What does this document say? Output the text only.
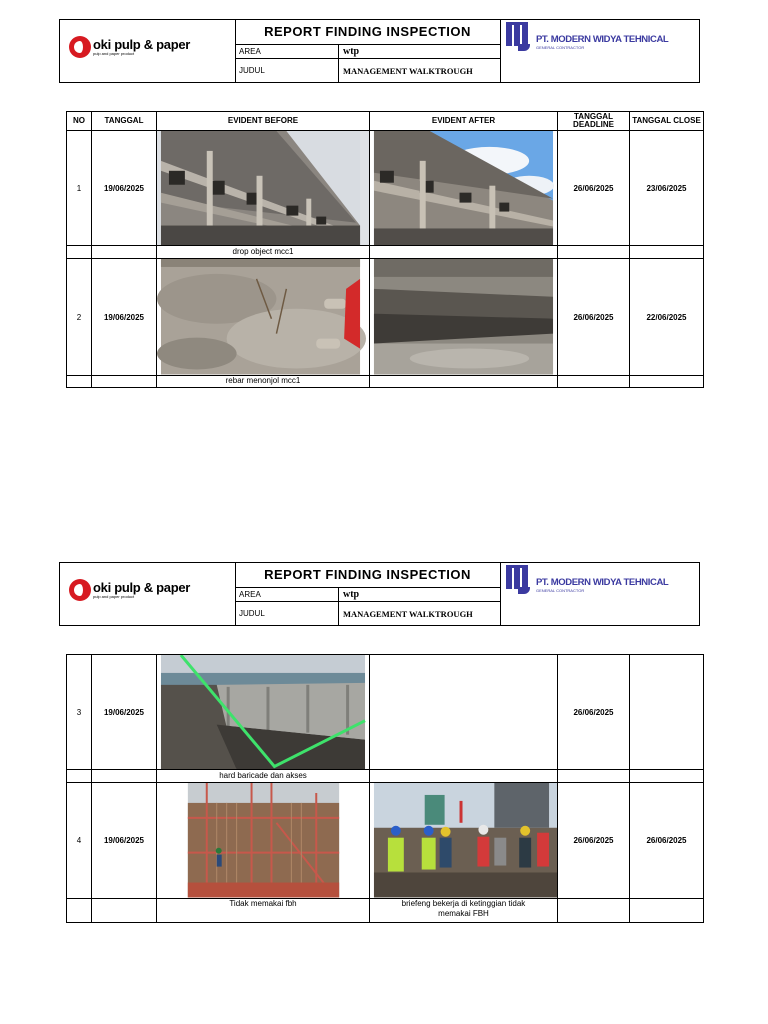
oki pulp & paper
pulp and paper product
REPORT FINDING INSPECTION
AREA	wtp
JUDUL	MANAGEMENT WALKTROUGH
PT. MODERN WIDYA TEHNICAL
GENERAL CONTRACTOR
NO	TANGGAL	EVIDENT BEFORE	EVIDENT AFTER	TANGGAL DEADLINE	TANGGAL CLOSE
1	19/06/2025			26/06/2025	23/06/2025
		drop object mcc1			
2	19/06/2025			26/06/2025	22/06/2025
		rebar menonjol mcc1			
oki pulp & paper
pulp and paper product
REPORT FINDING INSPECTION
AREA	wtp
JUDUL	MANAGEMENT WALKTROUGH
PT. MODERN WIDYA TEHNICAL
GENERAL CONTRACTOR
3	19/06/2025			26/06/2025	
		hard baricade dan akses			
4	19/06/2025			26/06/2025	26/06/2025
		Tidak memakai fbh	briefeng bekerja di ketinggian tidak memakai FBH		
